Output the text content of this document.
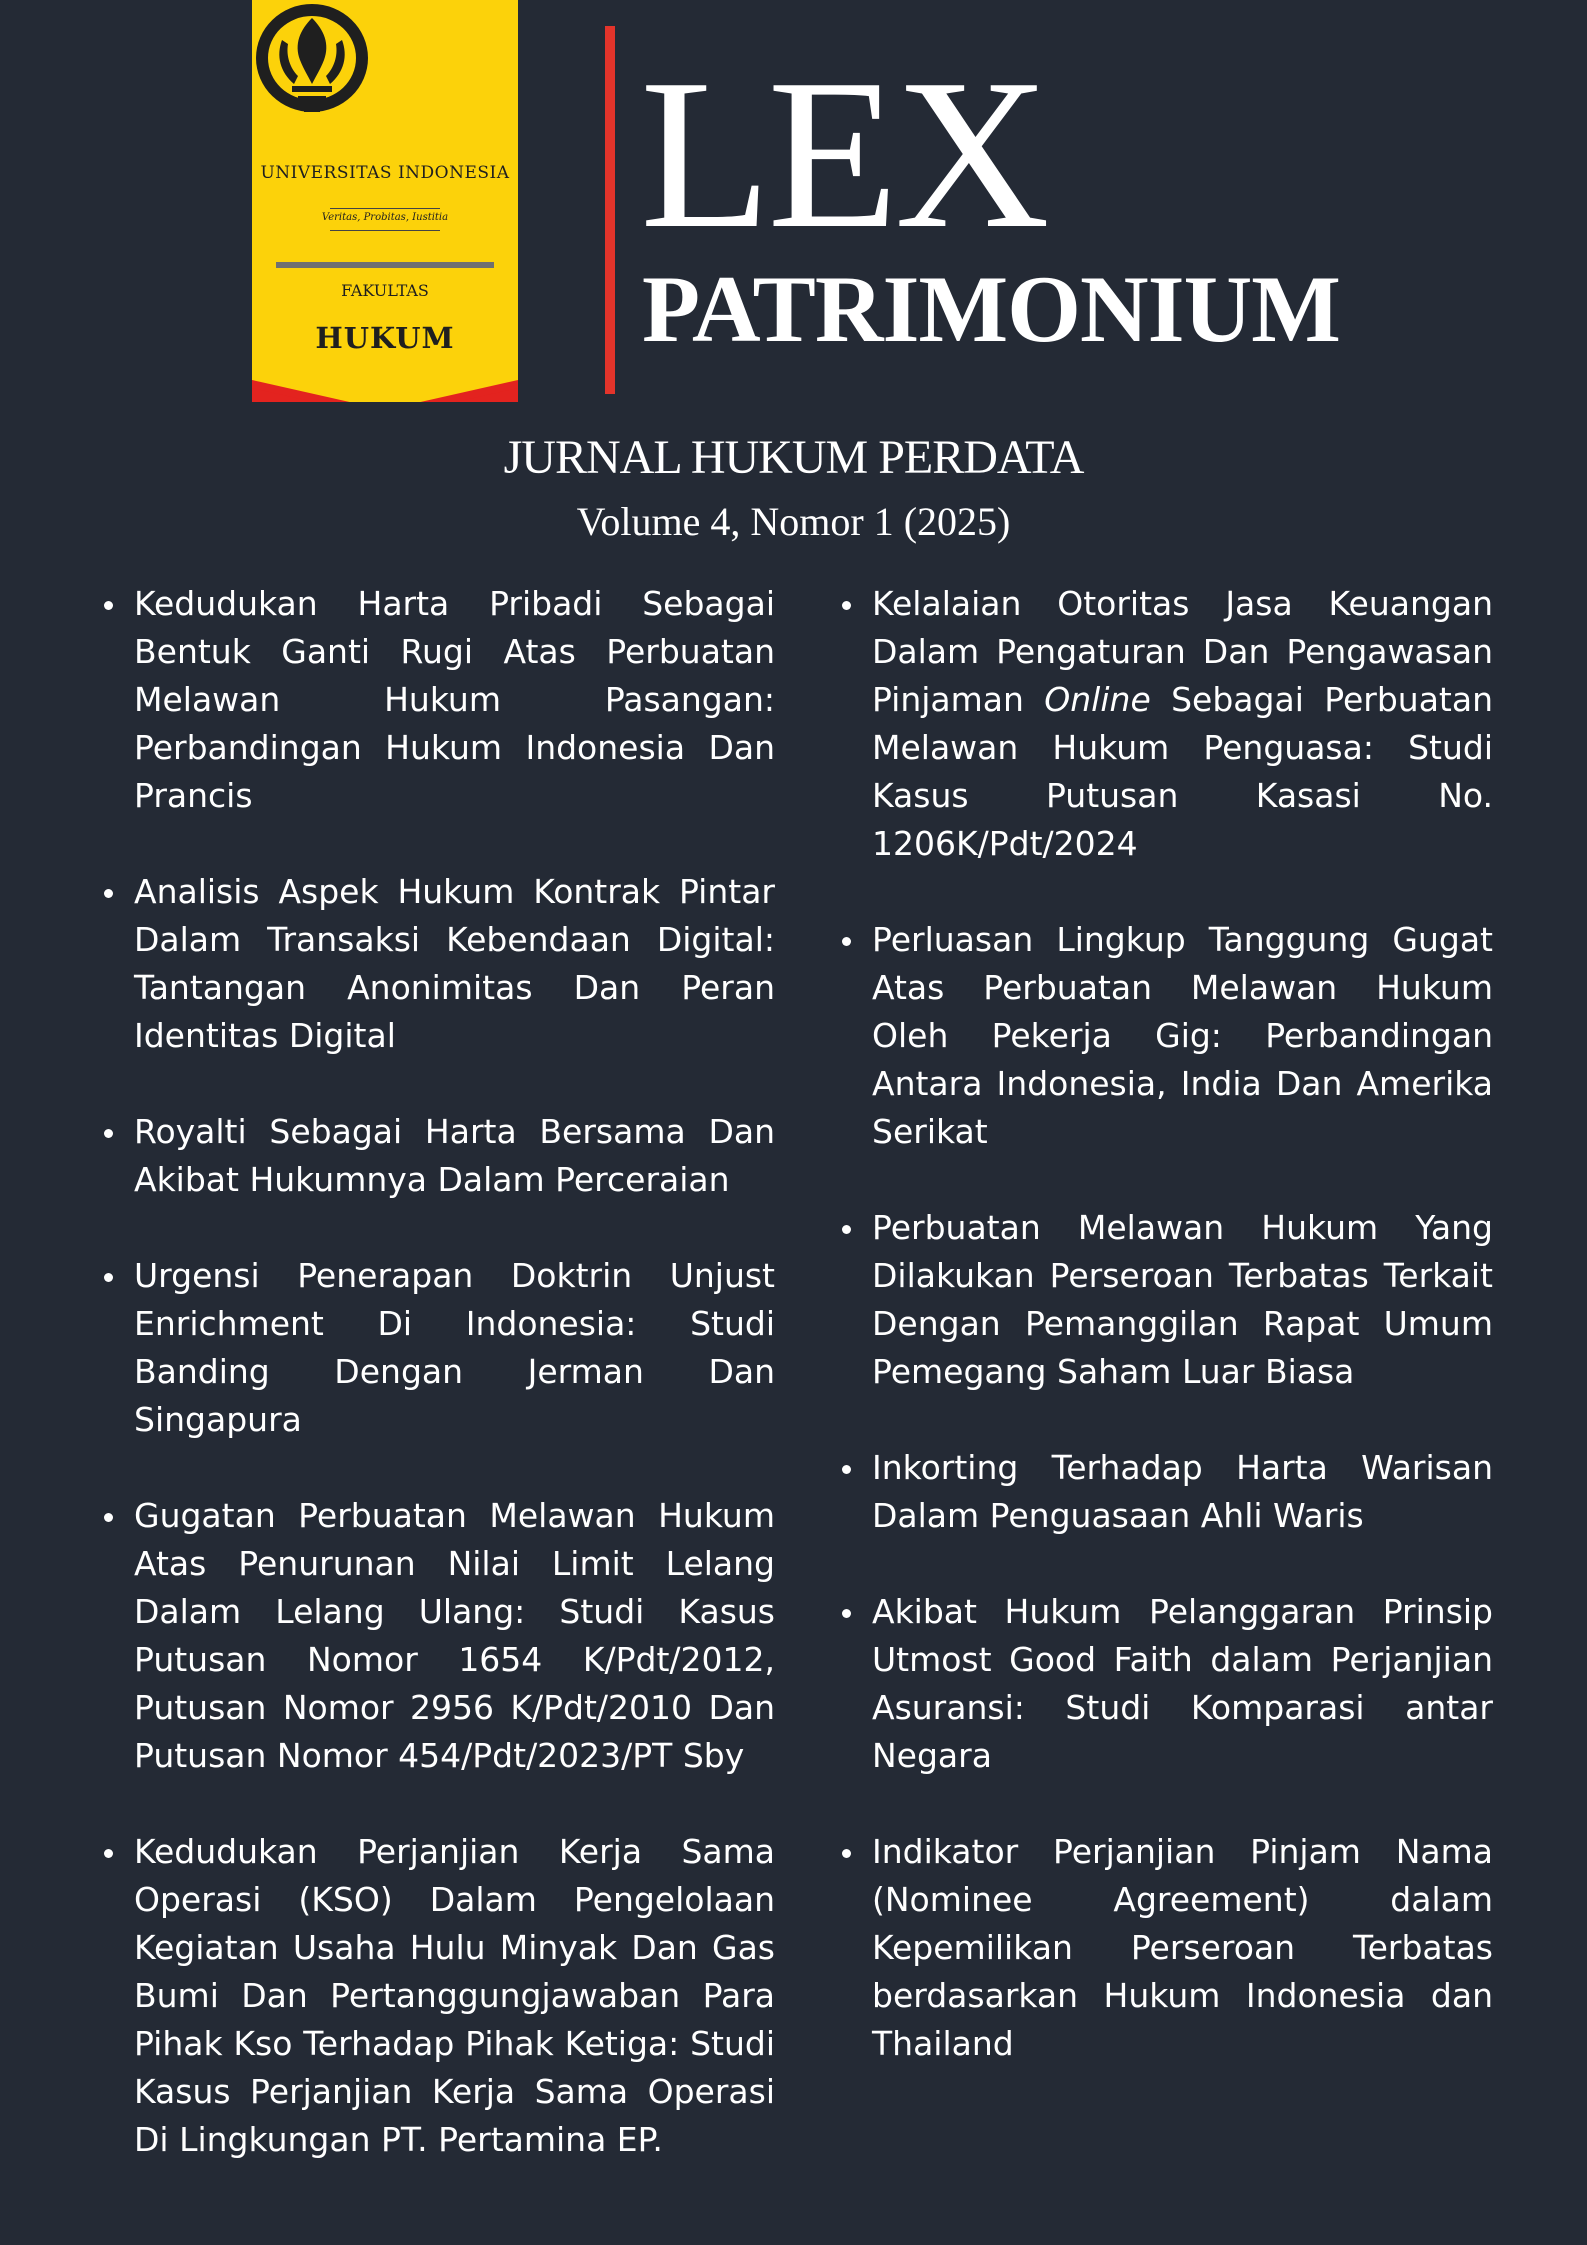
UNIVERSITAS INDONESIA
Veritas, Probitas, Iustitia
FAKULTAS
HUKUM
LEX
PATRIMONIUM
JURNAL HUKUM PERDATA
Volume 4, Nomor 1 (2025)
Kedudukan Harta Pribadi Sebagai Bentuk Ganti Rugi Atas Perbuatan Melawan Hukum Pasangan: Perbandingan Hukum Indonesia Dan Prancis
Analisis Aspek Hukum Kontrak Pintar Dalam Transaksi Kebendaan Digital: Tantangan Anonimitas Dan Peran Identitas Digital
Royalti Sebagai Harta Bersama Dan Akibat Hukumnya Dalam Perceraian
Urgensi Penerapan Doktrin Unjust Enrichment Di Indonesia: Studi Banding Dengan Jerman Dan Singapura
Gugatan Perbuatan Melawan Hukum Atas Penurunan Nilai Limit Lelang Dalam Lelang Ulang: Studi Kasus Putusan Nomor 1654 K/Pdt/2012, Putusan Nomor 2956 K/Pdt/2010 Dan Putusan Nomor 454/Pdt/2023/PT Sby
Kedudukan Perjanjian Kerja Sama Operasi (KSO) Dalam Pengelolaan Kegiatan Usaha Hulu Minyak Dan Gas Bumi Dan Pertanggungjawaban Para Pihak Kso Terhadap Pihak Ketiga: Studi Kasus Perjanjian Kerja Sama Operasi Di Lingkungan PT. Pertamina EP.
Kelalaian Otoritas Jasa Keuangan Dalam Pengaturan Dan Pengawasan Pinjaman Online Sebagai Perbuatan Melawan Hukum Penguasa: Studi Kasus Putusan Kasasi No. 1206K/Pdt/2024
Perluasan Lingkup Tanggung Gugat Atas Perbuatan Melawan Hukum Oleh Pekerja Gig: Perbandingan Antara Indonesia, India Dan Amerika Serikat
Perbuatan Melawan Hukum Yang Dilakukan Perseroan Terbatas Terkait Dengan Pemanggilan Rapat Umum Pemegang Saham Luar Biasa
Inkorting Terhadap Harta Warisan Dalam Penguasaan Ahli Waris
Akibat Hukum Pelanggaran Prinsip Utmost Good Faith dalam Perjanjian Asuransi: Studi Komparasi antar Negara
Indikator Perjanjian Pinjam Nama (Nominee Agreement) dalam Kepemilikan Perseroan Terbatas berdasarkan Hukum Indonesia dan Thailand
